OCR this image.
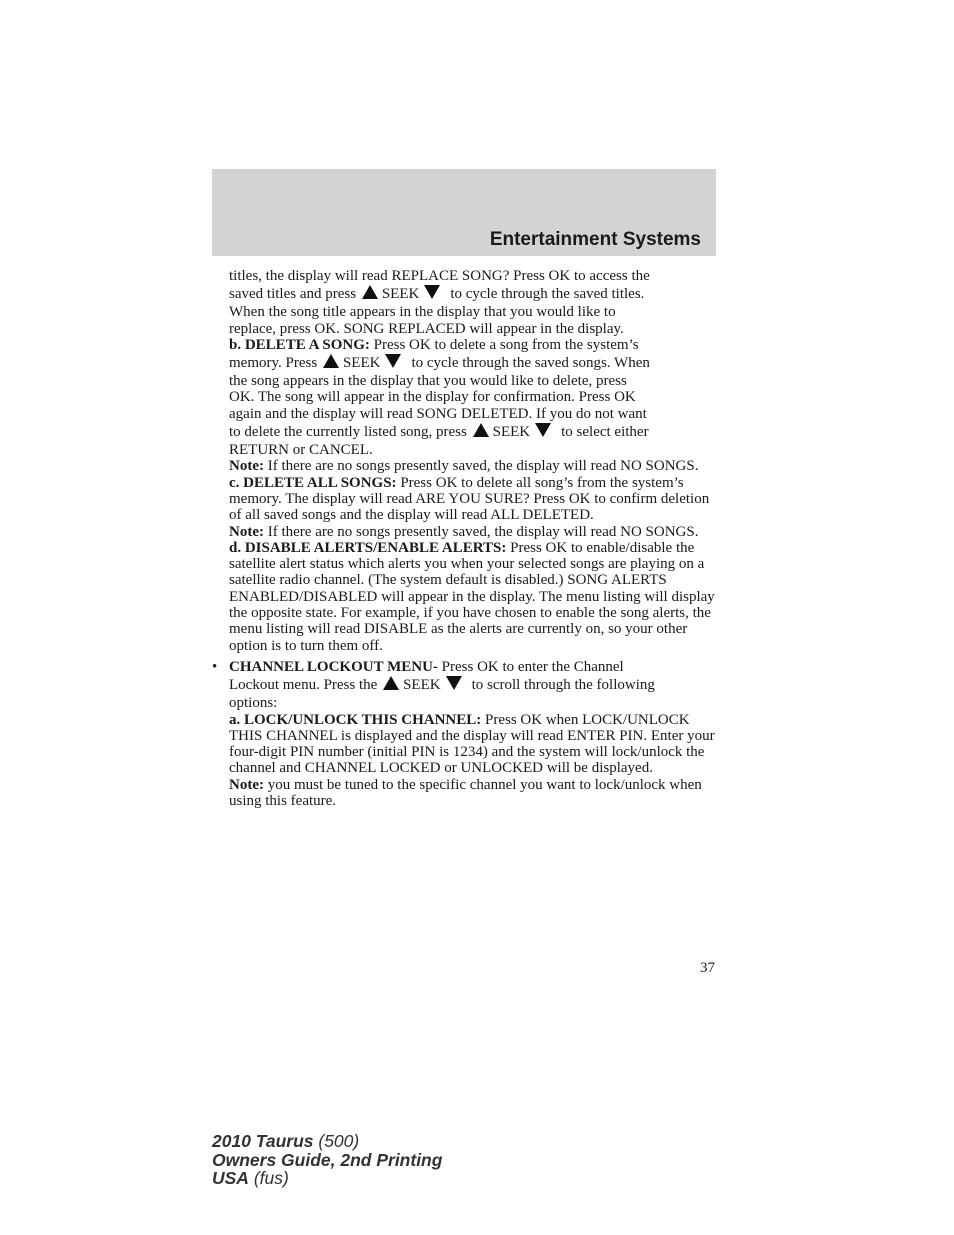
Entertainment Systems

titles, the display will read REPLACE SONG? Press OK to access the
saved titles and press SEEK to cycle through the saved titles.
When the song title appears in the display that you would like to
replace, press OK. SONG REPLACED will appear in the display.

b. DELETE A SONG: Press OK to delete a song from the system’s
memory. Press SEEK to cycle through the saved songs. When
the song appears in the display that you would like to delete, press
OK. The song will appear in the display for confirmation. Press OK
again and the display will read SONG DELETED. If you do not want
to delete the currently listed song, press SEEK to select either
RETURN or CANCEL.

Note: If there are no songs presently saved, the display will read NO SONGS.

c. DELETE ALL SONGS: Press OK to delete all song’s from the system’s memory. The display will read ARE YOU SURE? Press OK to confirm deletion of all saved songs and the display will read ALL DELETED.

Note: If there are no songs presently saved, the display will read NO SONGS.

d. DISABLE ALERTS/ENABLE ALERTS: Press OK to enable/disable the satellite alert status which alerts you when your selected songs are playing on a satellite radio channel. (The system default is disabled.) SONG ALERTS ENABLED/DISABLED will appear in the display. The menu listing will display the opposite state. For example, if you have chosen to enable the song alerts, the menu listing will read DISABLE as the alerts are currently on, so your other option is to turn them off.

• CHANNEL LOCKOUT MENU- Press OK to enter the Channel
Lockout menu. Press the SEEK to scroll through the following
options:

a. LOCK/UNLOCK THIS CHANNEL: Press OK when LOCK/UNLOCK THIS CHANNEL is displayed and the display will read ENTER PIN. Enter your four-digit PIN number (initial PIN is 1234) and the system will lock/unlock the channel and CHANNEL LOCKED or UNLOCKED will be displayed.

Note: you must be tuned to the specific channel you want to lock/unlock when using this feature.

37
2010 Taurus (500)
Owners Guide, 2nd Printing
USA (fus)
